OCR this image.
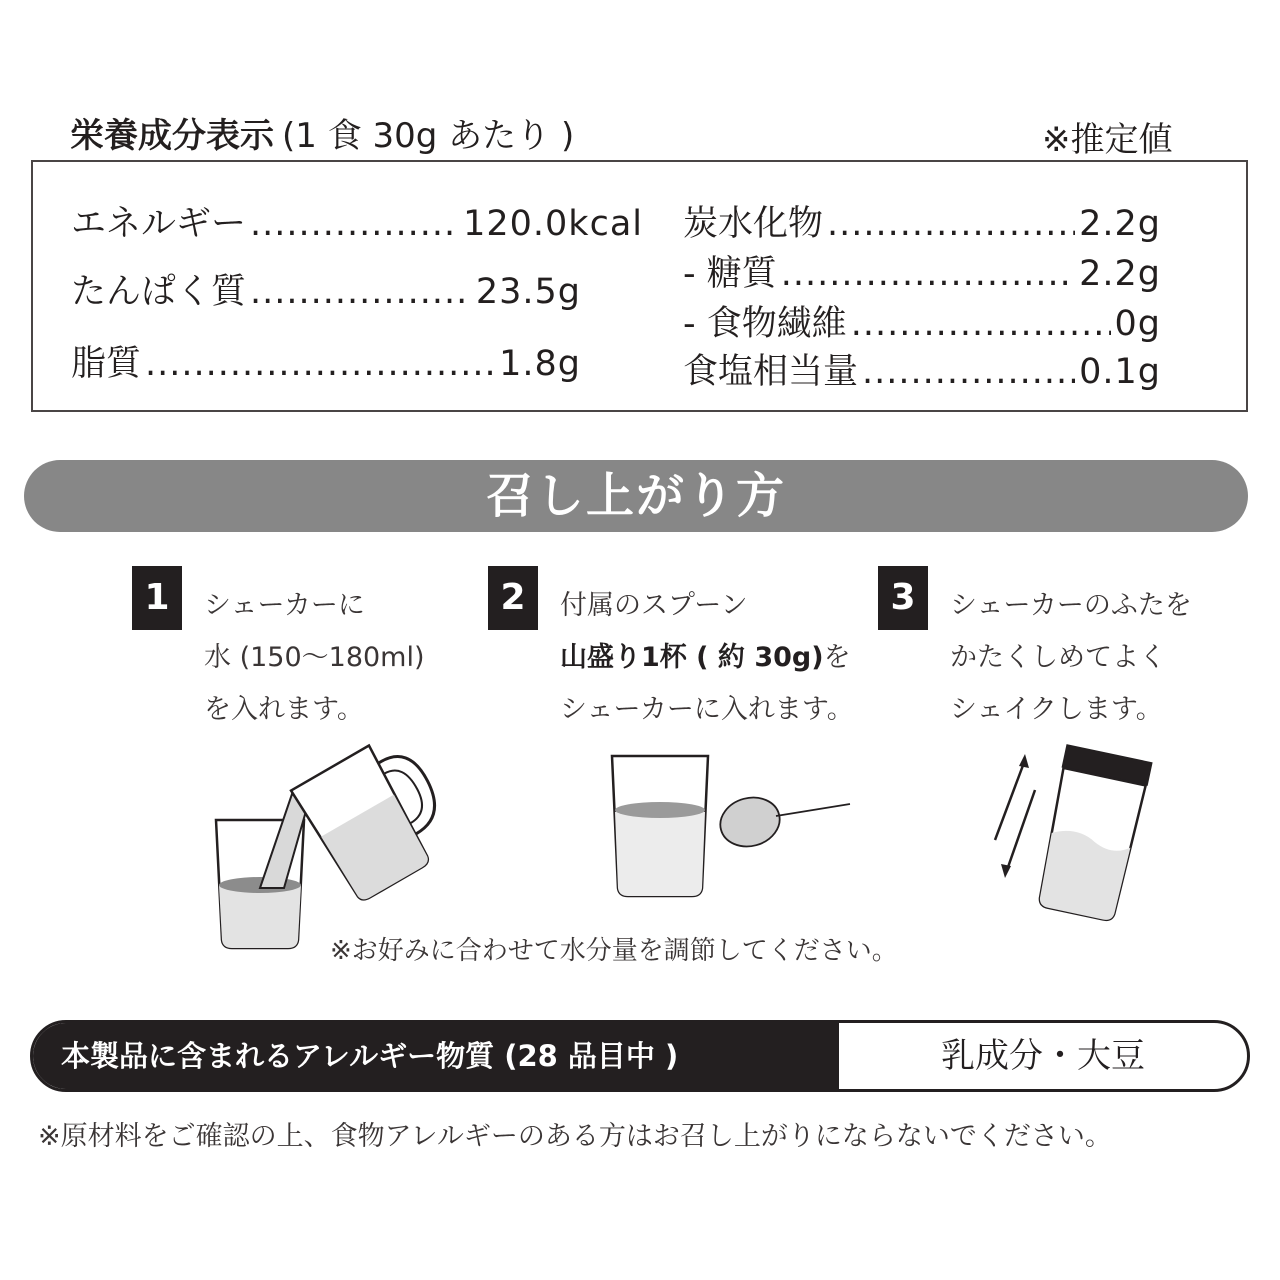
栄養成分表示 (1 食 30g あたり )	※推定値
エネルギー .....	120.0kcal
たんぱく質 .....	23.5g
脂質 .....	1.8g
炭水化物 .....	2.2g
- 糖質 .....	2.2g
- 食物繊維 .....	0g
食塩相当量 .....	0.1g
召し上がり方
1	シェーカーに
水 (150〜180ml)
を入れます。
2	付属のスプーン
山盛り1杯 ( 約 30g)を
シェーカーに入れます。
3	シェーカーのふたを
かたくしめてよく
シェイクします。
※お好みに合わせて水分量を調節してください。
本製品に含まれるアレルギー物質 (28 品目中 )	乳成分・大豆
※原材料をご確認の上、食物アレルギーのある方はお召し上がりにならないでください。
